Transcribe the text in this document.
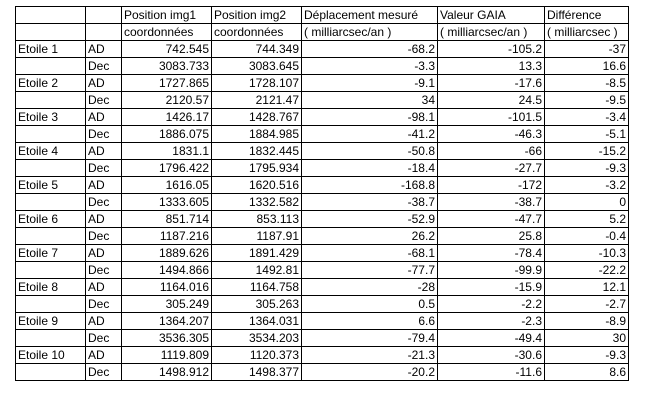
		Position img1	Position img2	Déplacement mesuré	Valeur GAIA	Différence
		coordonnées	coordonnées	( milliarcsec/an )	( milliarcsec/an )	( milliarcsec )
Etoile 1	AD	742.545	744.349	-68.2	-105.2	-37
	Dec	3083.733	3083.645	-3.3	13.3	16.6
Etoile 2	AD	1727.865	1728.107	-9.1	-17.6	-8.5
	Dec	2120.57	2121.47	34	24.5	-9.5
Etoile 3	AD	1426.17	1428.767	-98.1	-101.5	-3.4
	Dec	1886.075	1884.985	-41.2	-46.3	-5.1
Etoile 4	AD	1831.1	1832.445	-50.8	-66	-15.2
	Dec	1796.422	1795.934	-18.4	-27.7	-9.3
Etoile 5	AD	1616.05	1620.516	-168.8	-172	-3.2
	Dec	1333.605	1332.582	-38.7	-38.7	0
Etoile 6	AD	851.714	853.113	-52.9	-47.7	5.2
	Dec	1187.216	1187.91	26.2	25.8	-0.4
Etoile 7	AD	1889.626	1891.429	-68.1	-78.4	-10.3
	Dec	1494.866	1492.81	-77.7	-99.9	-22.2
Etoile 8	AD	1164.016	1164.758	-28	-15.9	12.1
	Dec	305.249	305.263	0.5	-2.2	-2.7
Etoile 9	AD	1364.207	1364.031	6.6	-2.3	-8.9
	Dec	3536.305	3534.203	-79.4	-49.4	30
Etoile 10	AD	1119.809	1120.373	-21.3	-30.6	-9.3
	Dec	1498.912	1498.377	-20.2	-11.6	8.6
